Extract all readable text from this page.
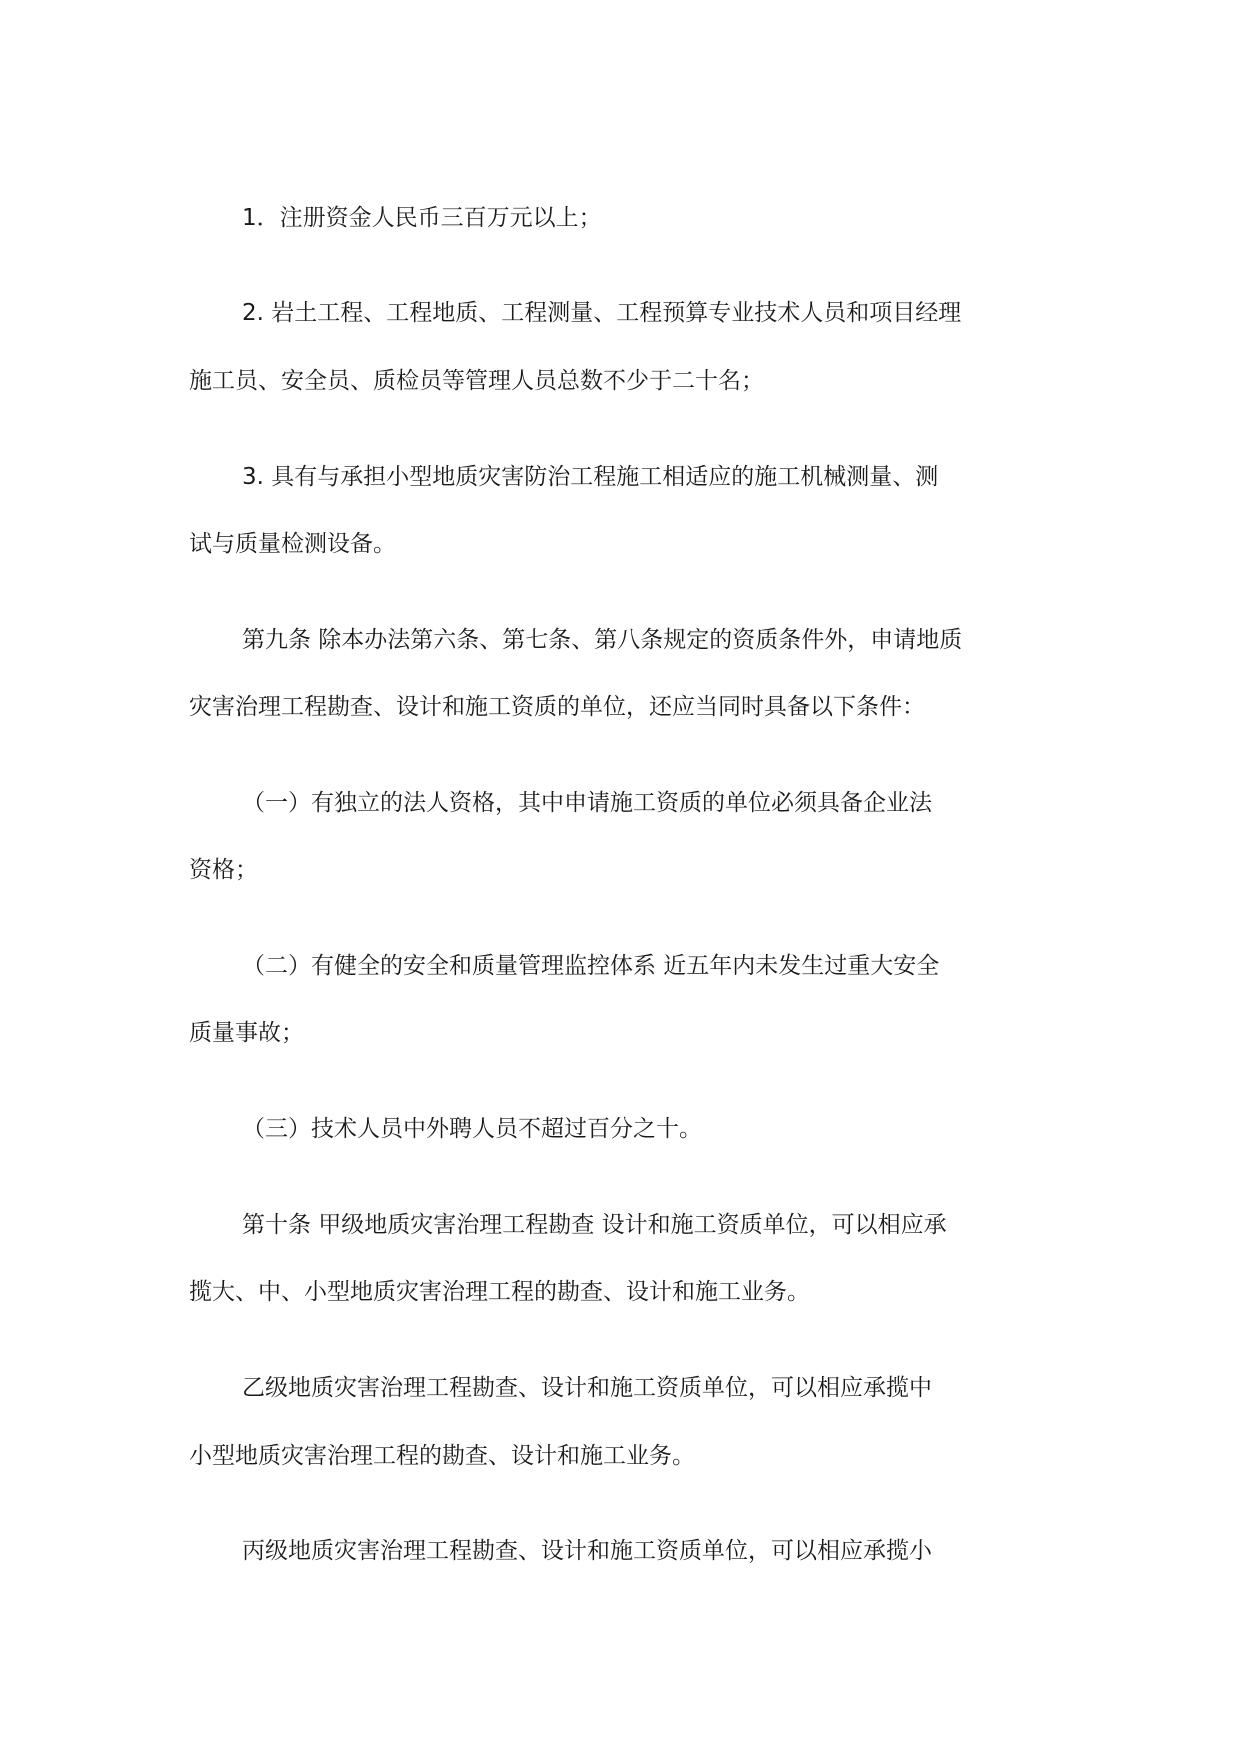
1．注册资金人民币三百万元以上；
2. 岩土工程、工程地质、工程测量、工程预算专业技术人员和项目经理
施工员、安全员、质检员等管理人员总数不少于二十名；
3. 具有与承担小型地质灾害防治工程施工相适应的施工机械测量、测
试与质量检测设备。
第九条 除本办法第六条、第七条、第八条规定的资质条件外，申请地质
灾害治理工程勘查、设计和施工资质的单位，还应当同时具备以下条件：
（一）有独立的法人资格，其中申请施工资质的单位必须具备企业法
资格；
（二）有健全的安全和质量管理监控体系 近五年内未发生过重大安全
质量事故；
（三）技术人员中外聘人员不超过百分之十。
第十条 甲级地质灾害治理工程勘查 设计和施工资质单位，可以相应承
揽大、中、小型地质灾害治理工程的勘查、设计和施工业务。
乙级地质灾害治理工程勘查、设计和施工资质单位，可以相应承揽中
小型地质灾害治理工程的勘查、设计和施工业务。
丙级地质灾害治理工程勘查、设计和施工资质单位，可以相应承揽小
